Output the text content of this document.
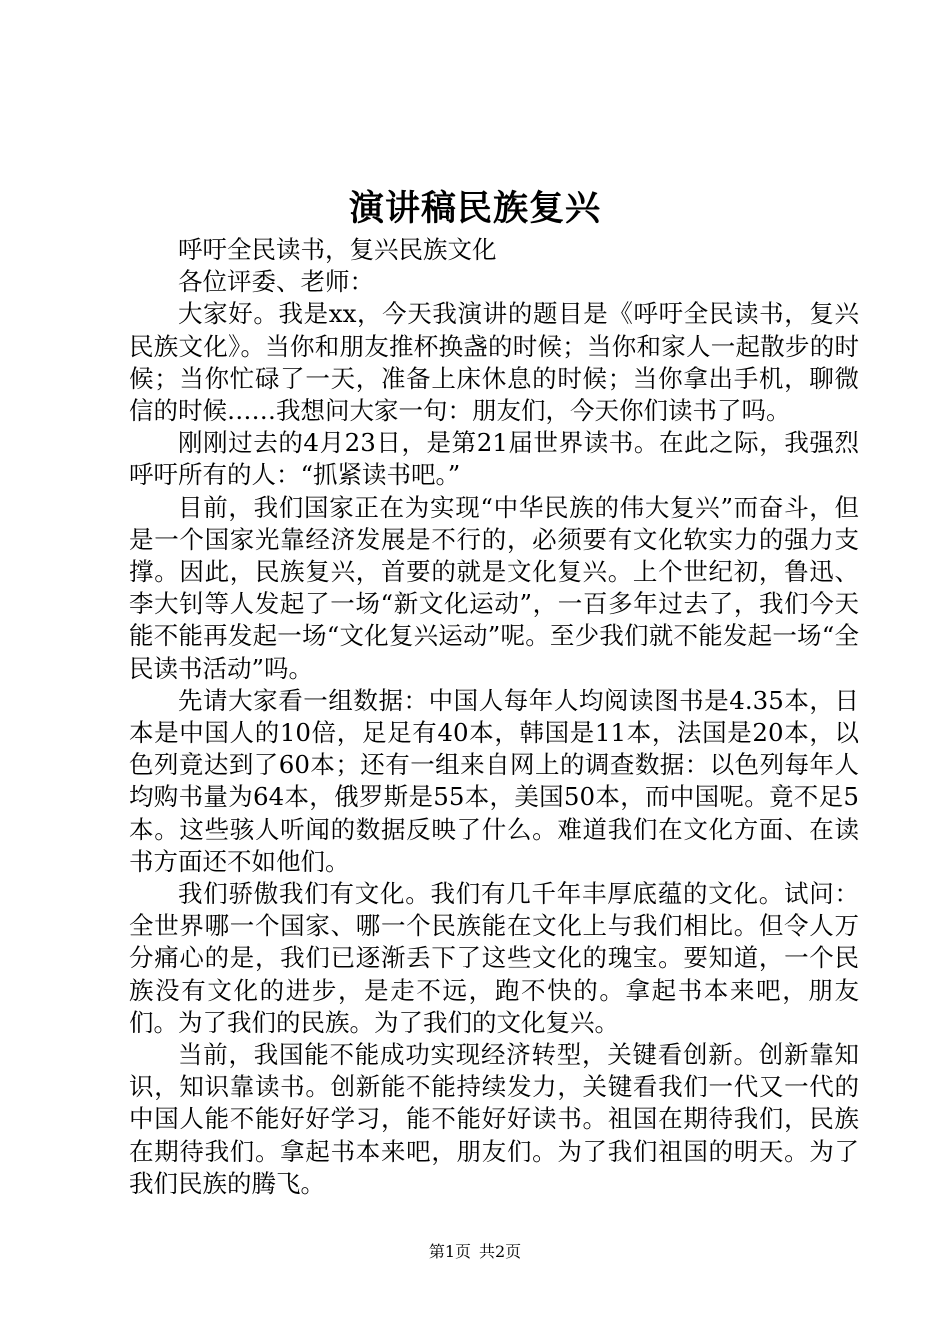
演讲稿民族复兴

呼吁全民读书，复兴民族文化

各位评委、老师：

大家好。我是xx，今天我演讲的题目是《呼吁全民读书，复兴民族文化》。当你和朋友推杯换盏的时候；当你和家人一起散步的时候；当你忙碌了一天，准备上床休息的时候；当你拿出手机，聊微信的时候……我想问大家一句：朋友们，今天你们读书了吗。

刚刚过去的4月23日，是第21届世界读书。在此之际，我强烈呼吁所有的人：“抓紧读书吧。”

目前，我们国家正在为实现“中华民族的伟大复兴”而奋斗，但是一个国家光靠经济发展是不行的，必须要有文化软实力的强力支撑。因此，民族复兴，首要的就是文化复兴。上个世纪初，鲁迅、李大钊等人发起了一场“新文化运动”，一百多年过去了，我们今天能不能再发起一场“文化复兴运动”呢。至少我们就不能发起一场“全民读书活动”吗。

先请大家看一组数据：中国人每年人均阅读图书是4.35本，日本是中国人的10倍，足足有40本，韩国是11本，法国是20本，以色列竟达到了60本；还有一组来自网上的调查数据：以色列每年人均购书量为64本，俄罗斯是55本，美国50本，而中国呢。竟不足5本。这些骇人听闻的数据反映了什么。难道我们在文化方面、在读书方面还不如他们。

我们骄傲我们有文化。我们有几千年丰厚底蕴的文化。试问：全世界哪一个国家、哪一个民族能在文化上与我们相比。但令人万分痛心的是，我们已逐渐丢下了这些文化的瑰宝。要知道，一个民族没有文化的进步，是走不远，跑不快的。拿起书本来吧，朋友们。为了我们的民族。为了我们的文化复兴。

当前，我国能不能成功实现经济转型，关键看创新。创新靠知识，知识靠读书。创新能不能持续发力，关键看我们一代又一代的中国人能不能好好学习，能不能好好读书。祖国在期待我们，民族在期待我们。拿起书本来吧，朋友们。为了我们祖国的明天。为了我们民族的腾飞。

第1页 共2页
